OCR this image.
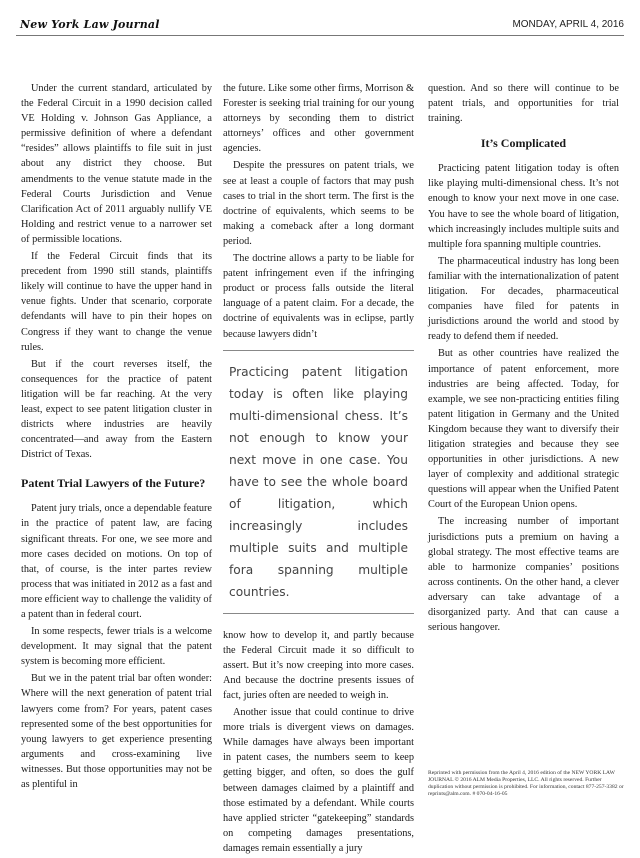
New York Law Journal	MONDAY, APRIL 4, 2016

Under the current standard, articulated by the Federal Circuit in a 1990 decision called VE Holding v. Johnson Gas Appliance, a permissive definition of where a defendant “resides” allows plaintiffs to file suit in just about any district they choose. But amendments to the venue statute made in the Federal Courts Jurisdiction and Venue Clarification Act of 2011 arguably nullify VE Holding and restrict venue to a narrower set of permissible locations.

If the Federal Circuit finds that its precedent from 1990 still stands, plaintiffs likely will continue to have the upper hand in venue fights. Under that scenario, corporate defendants will have to pin their hopes on Congress if they want to change the venue rules.

But if the court reverses itself, the consequences for the practice of patent litigation will be far reaching. At the very least, expect to see patent litigation cluster in districts where industries are heavily concentrated—and away from the Eastern District of Texas.

Patent Trial Lawyers of the Future?

Patent jury trials, once a dependable feature in the practice of patent law, are facing significant threats. For one, we see more and more cases decided on motions. On top of that, of course, is the inter partes review process that was initiated in 2012 as a fast and more efficient way to challenge the validity of a patent than in federal court.

In some respects, fewer trials is a welcome development. It may signal that the patent system is becoming more efficient.

But we in the patent trial bar often wonder: Where will the next generation of patent trial lawyers come from? For years, patent cases represented some of the best opportunities for young lawyers to get experience presenting arguments and cross-examining live witnesses. But those opportunities may not be as plentiful in

the future. Like some other firms, Morrison & Forester is seeking trial training for our young attorneys by seconding them to district attorneys’ offices and other government agencies.

Despite the pressures on patent trials, we see at least a couple of factors that may push cases to trial in the short term. The first is the doctrine of equivalents, which seems to be making a comeback after a long dormant period.

The doctrine allows a party to be liable for patent infringement even if the infringing product or process falls outside the literal language of a patent claim. For a decade, the doctrine of equivalents was in eclipse, partly because lawyers didn’t

Practicing patent litigation today is often like playing multi-dimensional chess. It’s not enough to know your next move in one case. You have to see the whole board of litigation, which increasingly includes multiple suits and multiple fora spanning multiple countries.

know how to develop it, and partly because the Federal Circuit made it so difficult to assert. But it’s now creeping into more cases. And because the doctrine presents issues of fact, juries often are needed to weigh in.

Another issue that could continue to drive more trials is divergent views on damages. While damages have always been important in patent cases, the numbers seem to keep getting bigger, and often, so does the gulf between damages claimed by a plaintiff and those estimated by a defendant. While courts have applied stricter “gatekeeping” standards on competing damages presentations, damages remain essentially a jury

question. And so there will continue to be patent trials, and opportunities for trial training.

It’s Complicated

Practicing patent litigation today is often like playing multi-dimensional chess. It’s not enough to know your next move in one case. You have to see the whole board of litigation, which increasingly includes multiple suits and multiple fora spanning multiple countries.

The pharmaceutical industry has long been familiar with the internationalization of patent litigation. For decades, pharmaceutical companies have filed for patents in jurisdictions around the world and stood by ready to defend them if needed.

But as other countries have realized the importance of patent enforcement, more industries are being affected. Today, for example, we see non-practicing entities filing patent litigation in Germany and the United Kingdom because they want to diversify their litigation strategies and because they see opportunities in other jurisdictions. A new layer of complexity and additional strategic questions will appear when the Unified Patent Court of the European Union opens.

The increasing number of important jurisdictions puts a premium on having a global strategy. The most effective teams are able to harmonize companies’ positions across continents. On the other hand, a clever adversary can take advantage of a disorganized party. And that can cause a serious hangover.

Reprinted with permission from the April 4, 2016 edition of the NEW YORK LAW JOURNAL © 2016 ALM Media Properties, LLC. All rights reserved. Further duplication without permission is prohibited. For information, contact 877-257-3382 or reprints@alm.com. # 070-04-16-05
